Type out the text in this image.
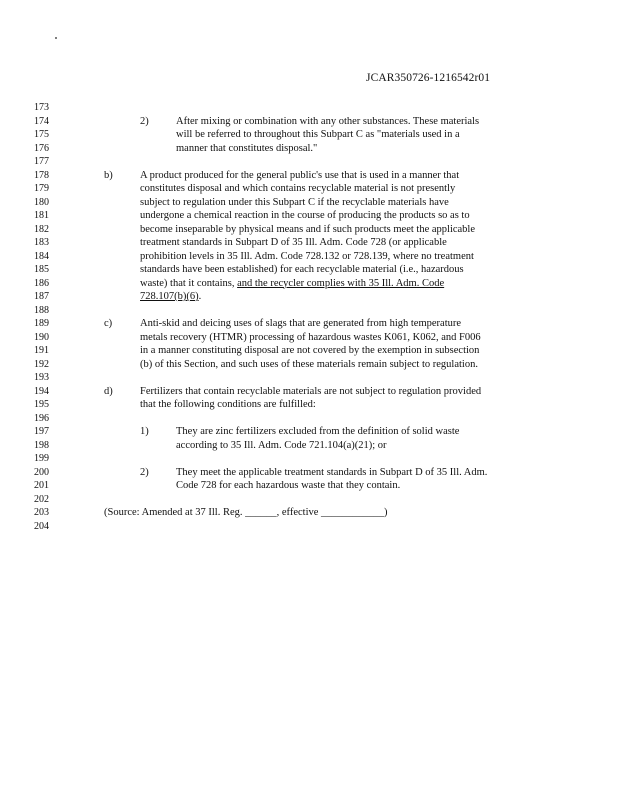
JCAR350726-1216542r01
173
174	2)	After mixing or combination with any other substances. These materials
175	will be referred to throughout this Subpart C as "materials used in a
176	manner that constitutes disposal."
177
178	b)	A product produced for the general public's use that is used in a manner that
179	constitutes disposal and which contains recyclable material is not presently
180	subject to regulation under this Subpart C if the recyclable materials have
181	undergone a chemical reaction in the course of producing the products so as to
182	become inseparable by physical means and if such products meet the applicable
183	treatment standards in Subpart D of 35 Ill. Adm. Code 728 (or applicable
184	prohibition levels in 35 Ill. Adm. Code 728.132 or 728.139, where no treatment
185	standards have been established) for each recyclable material (i.e., hazardous
186	waste) that it contains, and the recycler complies with 35 Ill. Adm. Code
187	728.107(b)(6).
188
189	c)	Anti-skid and deicing uses of slags that are generated from high temperature
190	metals recovery (HTMR) processing of hazardous wastes K061, K062, and F006
191	in a manner constituting disposal are not covered by the exemption in subsection
192	(b) of this Section, and such uses of these materials remain subject to regulation.
193
194	d)	Fertilizers that contain recyclable materials are not subject to regulation provided
195	that the following conditions are fulfilled:
196
197	1)	They are zinc fertilizers excluded from the definition of solid waste
198	according to 35 Ill. Adm. Code 721.104(a)(21); or
199
200	2)	They meet the applicable treatment standards in Subpart D of 35 Ill. Adm.
201	Code 728 for each hazardous waste that they contain.
202
203	(Source: Amended at 37 Ill. Reg. ______, effective ____________)
204
